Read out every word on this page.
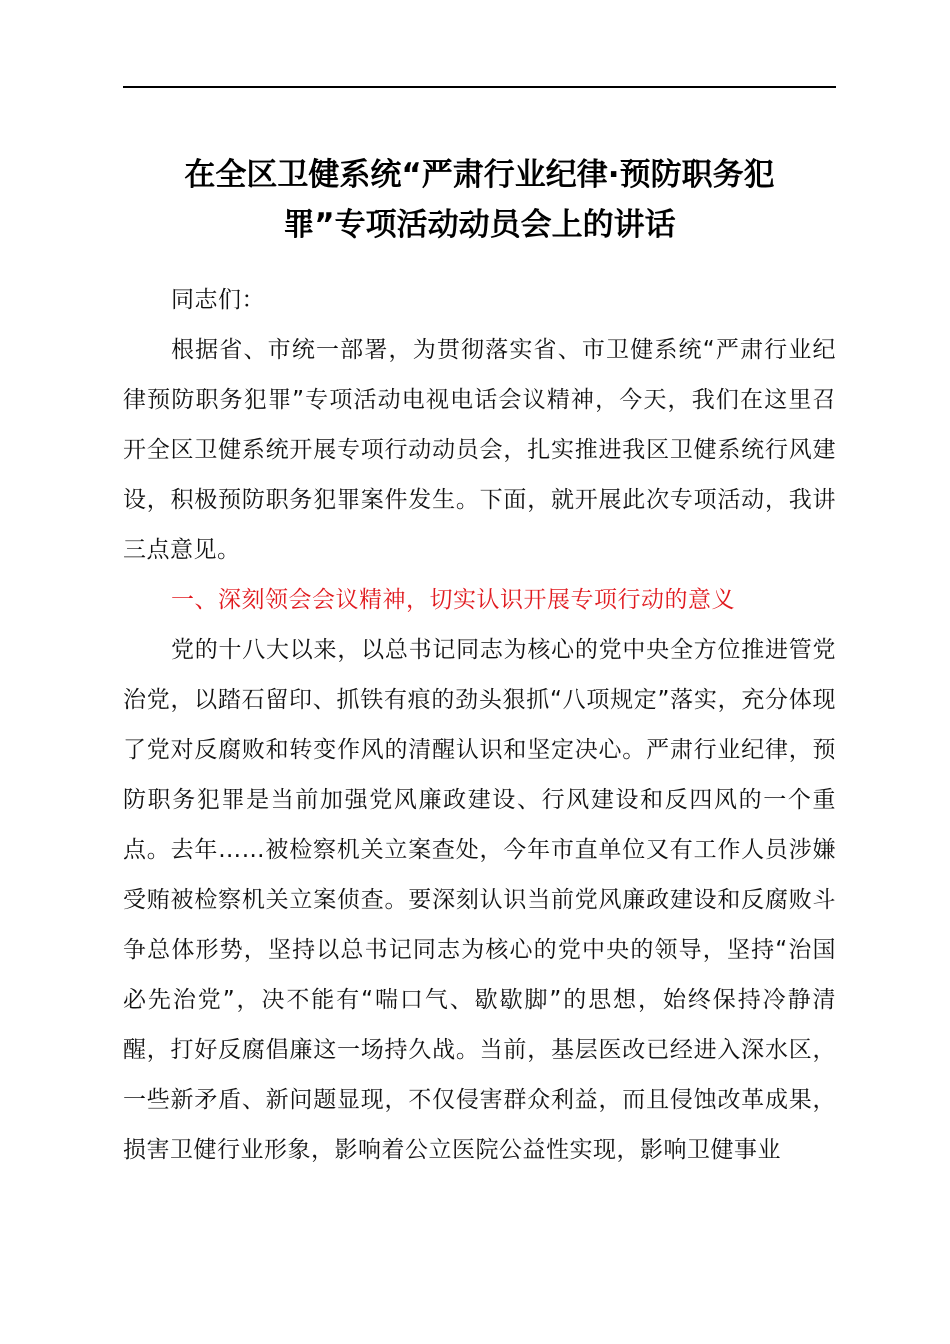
在全区卫健系统“严肃行业纪律·预防职务犯
罪”专项活动动员会上的讲话

同志们：

根据省、市统一部署，为贯彻落实省、市卫健系统“严肃行业纪律预防职务犯罪”专项活动电视电话会议精神，今天，我们在这里召开全区卫健系统开展专项行动动员会，扎实推进我区卫健系统行风建设，积极预防职务犯罪案件发生。下面，就开展此次专项活动，我讲三点意见。

一、深刻领会会议精神，切实认识开展专项行动的意义

党的十八大以来，以总书记同志为核心的党中央全方位推进管党治党，以踏石留印、抓铁有痕的劲头狠抓“八项规定”落实，充分体现了党对反腐败和转变作风的清醒认识和坚定决心。严肃行业纪律，预防职务犯罪是当前加强党风廉政建设、行风建设和反四风的一个重点。去年……被检察机关立案查处，今年市直单位又有工作人员涉嫌受贿被检察机关立案侦查。要深刻认识当前党风廉政建设和反腐败斗争总体形势，坚持以总书记同志为核心的党中央的领导，坚持“治国必先治党”，决不能有“喘口气、歇歇脚”的思想，始终保持冷静清醒，打好反腐倡廉这一场持久战。当前，基层医改已经进入深水区，一些新矛盾、新问题显现，不仅侵害群众利益，而且侵蚀改革成果，损害卫健行业形象，影响着公立医院公益性实现，影响卫健事业
